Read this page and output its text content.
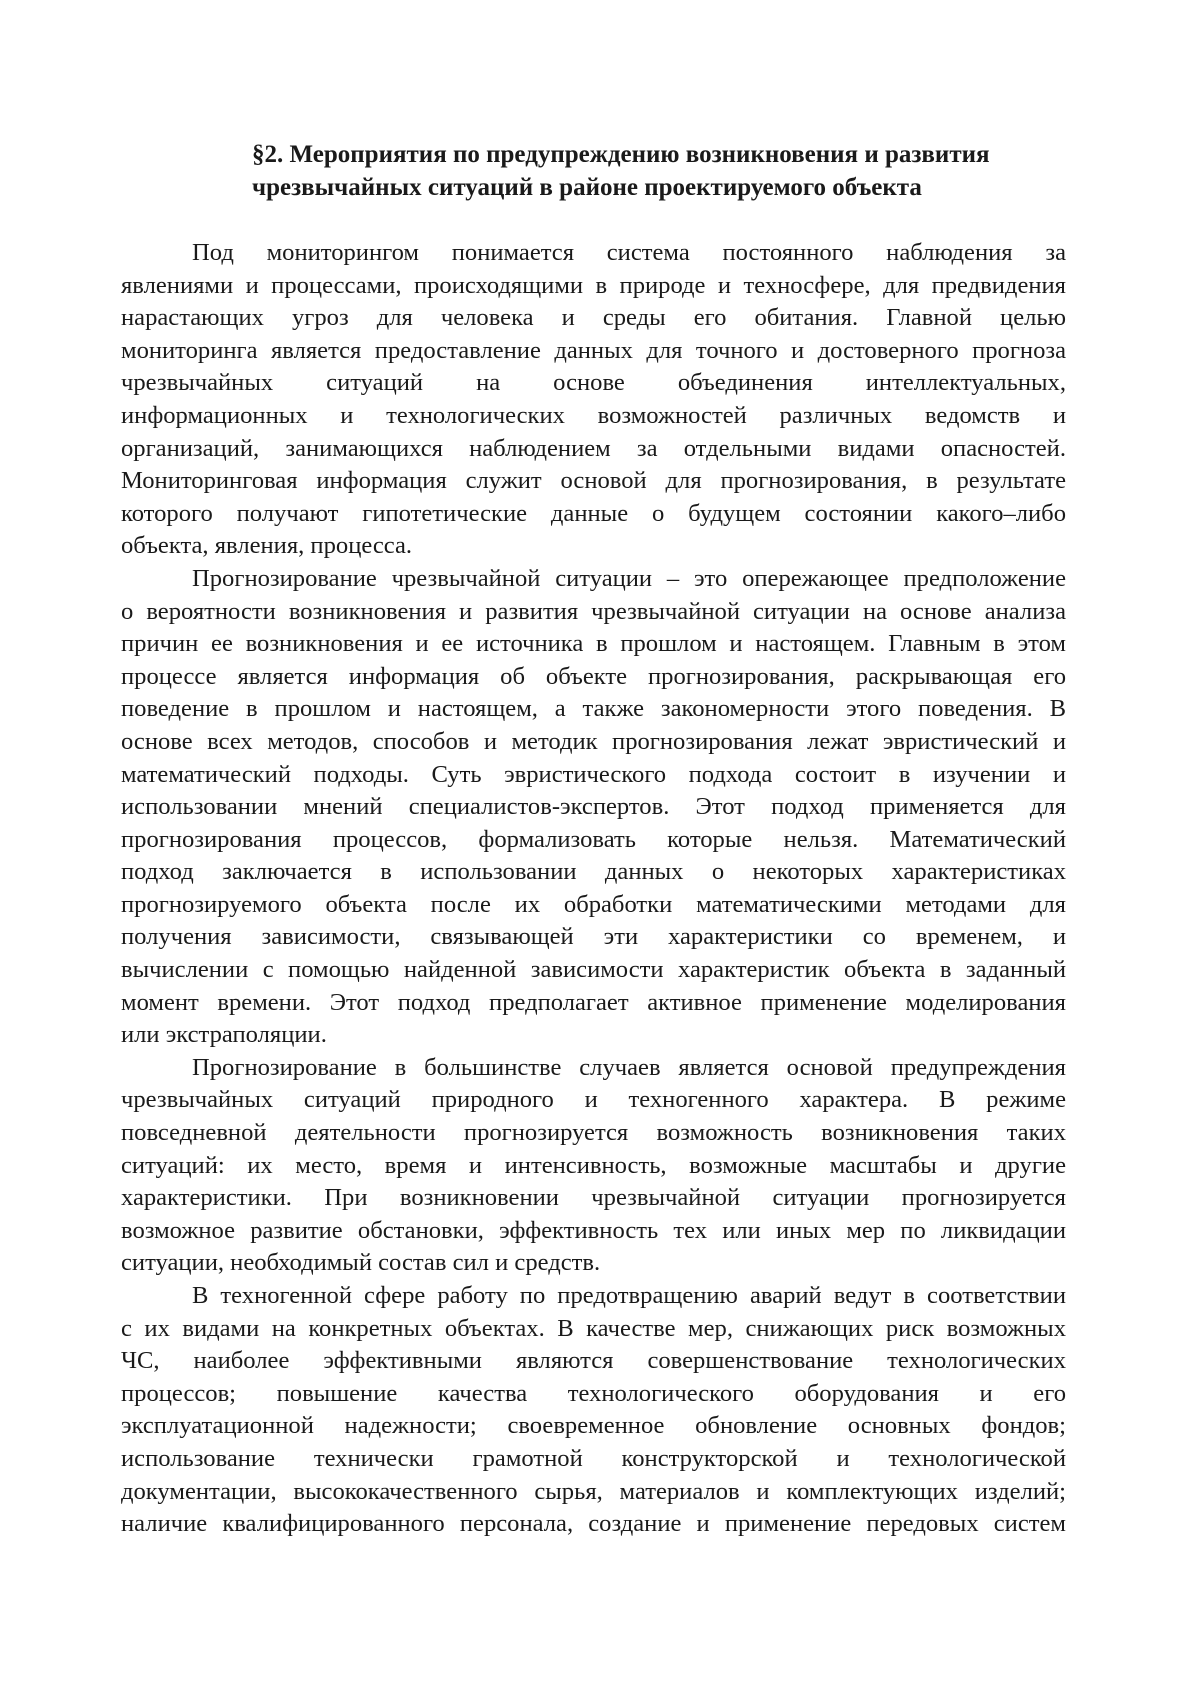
§2. Мероприятия по предупреждению возникновения и развития
чрезвычайных ситуаций в районе проектируемого объекта

Под мониторингом понимается система постоянного наблюдения за
явлениями и процессами, происходящими в природе и техносфере, для предвидения
нарастающих угроз для человека и среды его обитания. Главной целью
мониторинга является предоставление данных для точного и достоверного прогноза
чрезвычайных ситуаций на основе объединения интеллектуальных,
информационных и технологических возможностей различных ведомств и
организаций, занимающихся наблюдением за отдельными видами опасностей.
Мониторинговая информация служит основой для прогнозирования, в результате
которого получают гипотетические данные о будущем состоянии какого–либо
объекта, явления, процесса.

Прогнозирование чрезвычайной ситуации – это опережающее предположение
о вероятности возникновения и развития чрезвычайной ситуации на основе анализа
причин ее возникновения и ее источника в прошлом и настоящем. Главным в этом
процессе является информация об объекте прогнозирования, раскрывающая его
поведение в прошлом и настоящем, а также закономерности этого поведения. В
основе всех методов, способов и методик прогнозирования лежат эвристический и
математический подходы. Суть эвристического подхода состоит в изучении и
использовании мнений специалистов-экспертов. Этот подход применяется для
прогнозирования процессов, формализовать которые нельзя. Математический
подход заключается в использовании данных о некоторых характеристиках
прогнозируемого объекта после их обработки математическими методами для
получения зависимости, связывающей эти характеристики со временем, и
вычислении с помощью найденной зависимости характеристик объекта в заданный
момент времени. Этот подход предполагает активное применение моделирования
или экстраполяции.

Прогнозирование в большинстве случаев является основой предупреждения
чрезвычайных ситуаций природного и техногенного характера. В режиме
повседневной деятельности прогнозируется возможность возникновения таких
ситуаций: их место, время и интенсивность, возможные масштабы и другие
характеристики. При возникновении чрезвычайной ситуации прогнозируется
возможное развитие обстановки, эффективность тех или иных мер по ликвидации
ситуации, необходимый состав сил и средств.

В техногенной сфере работу по предотвращению аварий ведут в соответствии
с их видами на конкретных объектах. В качестве мер, снижающих риск возможных
ЧС, наиболее эффективными являются совершенствование технологических
процессов; повышение качества технологического оборудования и его
эксплуатационной надежности; своевременное обновление основных фондов;
использование технически грамотной конструкторской и технологической
документации, высококачественного сырья, материалов и комплектующих изделий;
наличие квалифицированного персонала, создание и применение передовых систем
